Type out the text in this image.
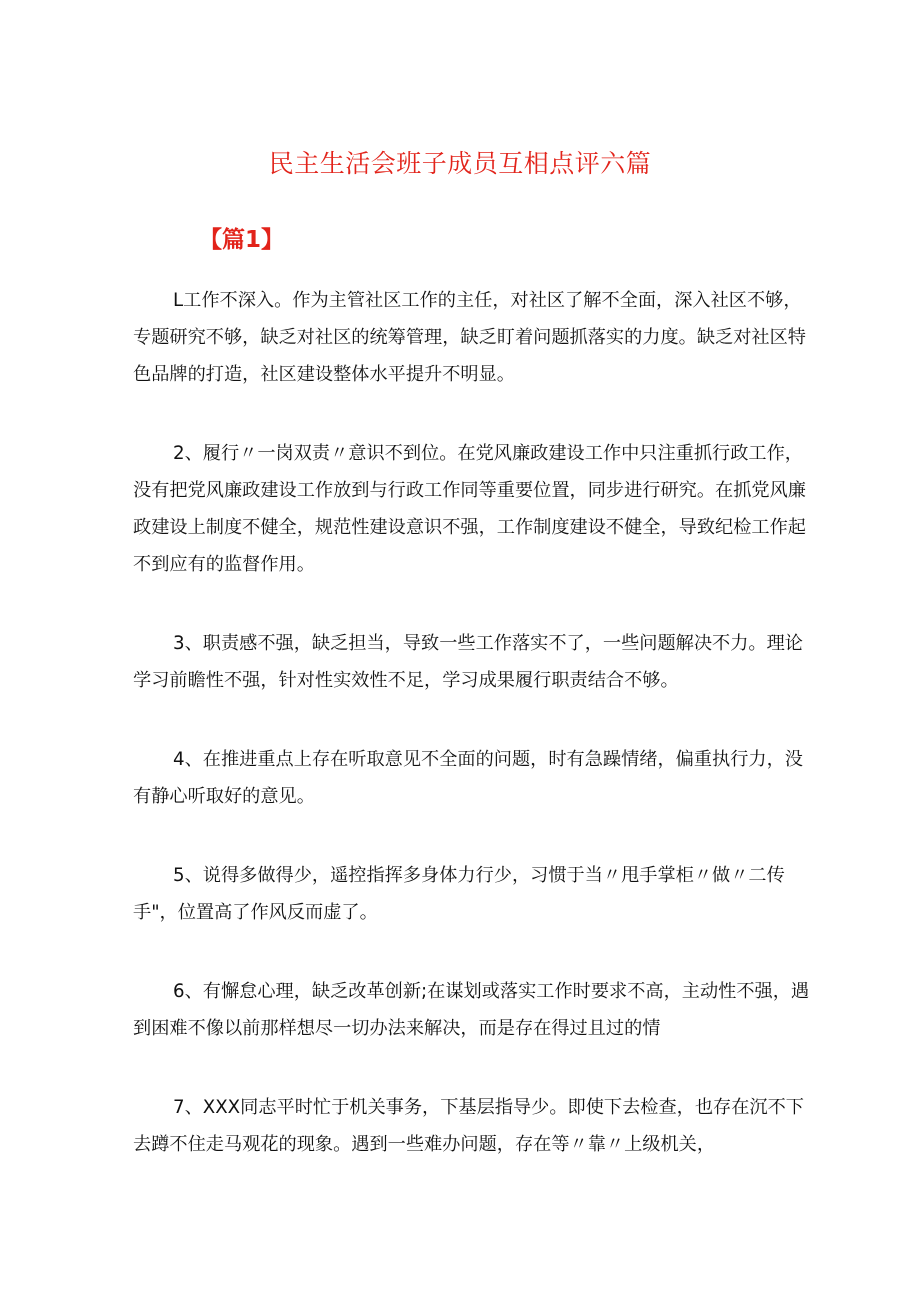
民主生活会班子成员互相点评六篇
【篇1】

L工作不深入。作为主管社区工作的主任，对社区了解不全面，深入社区不够，专题研究不够，缺乏对社区的统筹管理，缺乏盯着问题抓落实的力度。缺乏对社区特色品牌的打造，社区建设整体水平提升不明显。

2、履行〃一岗双责〃意识不到位。在党风廉政建设工作中只注重抓行政工作，没有把党风廉政建设工作放到与行政工作同等重要位置，同步进行研究。在抓党风廉政建设上制度不健全，规范性建设意识不强，工作制度建设不健全，导致纪检工作起不到应有的监督作用。

3、职责感不强，缺乏担当，导致一些工作落实不了，一些问题解决不力。理论学习前瞻性不强，针对性实效性不足，学习成果履行职责结合不够。

4、在推进重点上存在听取意见不全面的问题，时有急躁情绪，偏重执行力，没有静心听取好的意见。

5、说得多做得少，遥控指挥多身体力行少，习惯于当〃甩手掌柜〃做〃二传手"，位置高了作风反而虚了。

6、有懈怠心理，缺乏改革创新;在谋划或落实工作时要求不高，主动性不强，遇到困难不像以前那样想尽一切办法来解决，而是存在得过且过的情

7、XXX同志平时忙于机关事务，下基层指导少。即使下去检查，也存在沉不下去蹲不住走马观花的现象。遇到一些难办问题，存在等〃靠〃上级机关，
